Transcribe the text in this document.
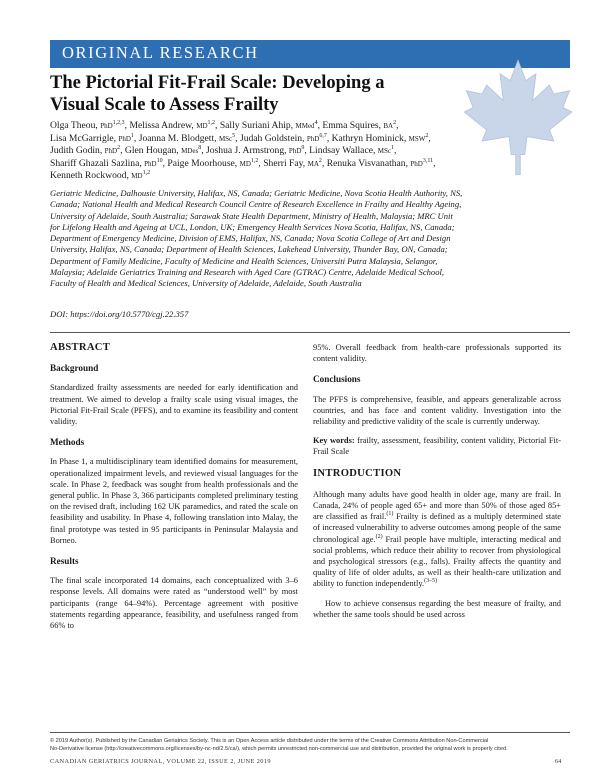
ORIGINAL RESEARCH
The Pictorial Fit-Frail Scale: Developing a
Visual Scale to Assess Frailty
Olga Theou, PhD$^{1,2,3}$, Melissa Andrew, MD$^{1,2}$, Sally Suriani Ahip, MMed$^4$, Emma Squires, $BA^2$,
Lisa McGarrigle, PhD$^1$, Joanna M. Blodgett, MSc$^5$, Judah Goldstein, PhD$^{6,7}$, Kathryn Hominick, MSW$^2$,
Judith Godin, PhD$^2$, Glen Hougan, MDes$^8$, Joshua J. Armstrong, PhD$^9$, Lindsay Wallace, MSc$^1$,
Shariff Ghazali Sazlina, PhD$^{10}$, Paige Moorhouse, MD$^{1,2}$, Sherri Fay, $MA^2$, Renuka Visvanathan, PhD$^{3,11}$,
Kenneth Rockwood, MD$^{1,2}$
Geriatric Medicine, Dalhousie University, Halifax, NS, Canada; Geriatric Medicine, Nova Scotia Health Authority, NS,
Canada; National Health and Medical Research Council Centre of Research Excellence in Frailty and Healthy Ageing,
University of Adelaide, South Australia; Sarawak State Health Department, Ministry of Health, Malaysia; MRC Unit
for Lifelong Health and Ageing at UCL, London, UK; Emergency Health Services Nova Scotia, Halifax, NS, Canada;
Department of Emergency Medicine, Division of EMS, Halifax, NS, Canada; Nova Scotia College of Art and Design
University, Halifax, NS, Canada; Department of Health Sciences, Lakehead University, Thunder Bay, ON, Canada;
Department of Family Medicine, Faculty of Medicine and Health Sciences, Universiti Putra Malaysia, Selangor,
Malaysia; Adelaide Geriatrics Training and Research with Aged Care (GTRAC) Centre, Adelaide Medical School,
Faculty of Health and Medical Sciences, University of Adelaide, Adelaide, South Australia
DOI: https://doi.org/10.5770/cgj.22.357
ABSTRACT
Background

Standardized frailty assessments are needed for early identification and treatment. We aimed to develop a frailty scale using visual images, the Pictorial Fit-Frail Scale (PFFS), and to examine its feasibility and content validity.

Methods

In Phase 1, a multidisciplinary team identified domains for measurement, operationalized impairment levels, and reviewed visual languages for the scale. In Phase 2, feedback was sought from health professionals and the general public. In Phase 3, 366 participants completed preliminary testing on the revised draft, including 162 UK paramedics, and rated the scale on feasibility and usability. In Phase 4, following translation into Malay, the final prototype was tested in 95 participants in Peninsular Malaysia and Borneo.

Results

The final scale incorporated 14 domains, each conceptualized with 3–6 response levels. All domains were rated as “understood well” by most participants (range 64–94%). Percentage agreement with positive statements regarding appearance, feasibility, and usefulness ranged from 66% to

95%. Overall feedback from health-care professionals supported its content validity.

Conclusions

The PFFS is comprehensive, feasible, and appears generalizable across countries, and has face and content validity. Investigation into the reliability and predictive validity of the scale is currently underway.

Key words: frailty, assessment, feasibility, content validity, Pictorial Fit-Frail Scale

INTRODUCTION

Although many adults have good health in older age, many are frail. In Canada, 24% of people aged 65+ and more than 50% of those aged 85+ are classified as frail.$^{(1)}$ Frailty is defined as a multiply determined state of increased vulnerability to adverse outcomes among people of the same chronological age.$^{(2)}$ Frail people have multiple, interacting medical and social problems, which reduce their ability to recover from physiological and psychological stressors (e.g., falls). Frailty affects the quantity and quality of life of older adults, as well as their health-care utilization and ability to function independently.$^{(3-5)}$

How to achieve consensus regarding the best measure of frailty, and whether the same tools should be used across

© 2019 Author(s). Published by the Canadian Geriatrics Society. This is an Open Access article distributed under the terms of the Creative Commons Attribution Non-Commercial
No-Derivative license (http://creativecommons.org/licenses/by-nc-nd/2.5/ca/), which permits unrestricted non-commercial use and distribution, provided the original work is properly cited.
CANADIAN GERIATRICS JOURNAL, VOLUME 22, ISSUE 2, JUNE 2019	64
